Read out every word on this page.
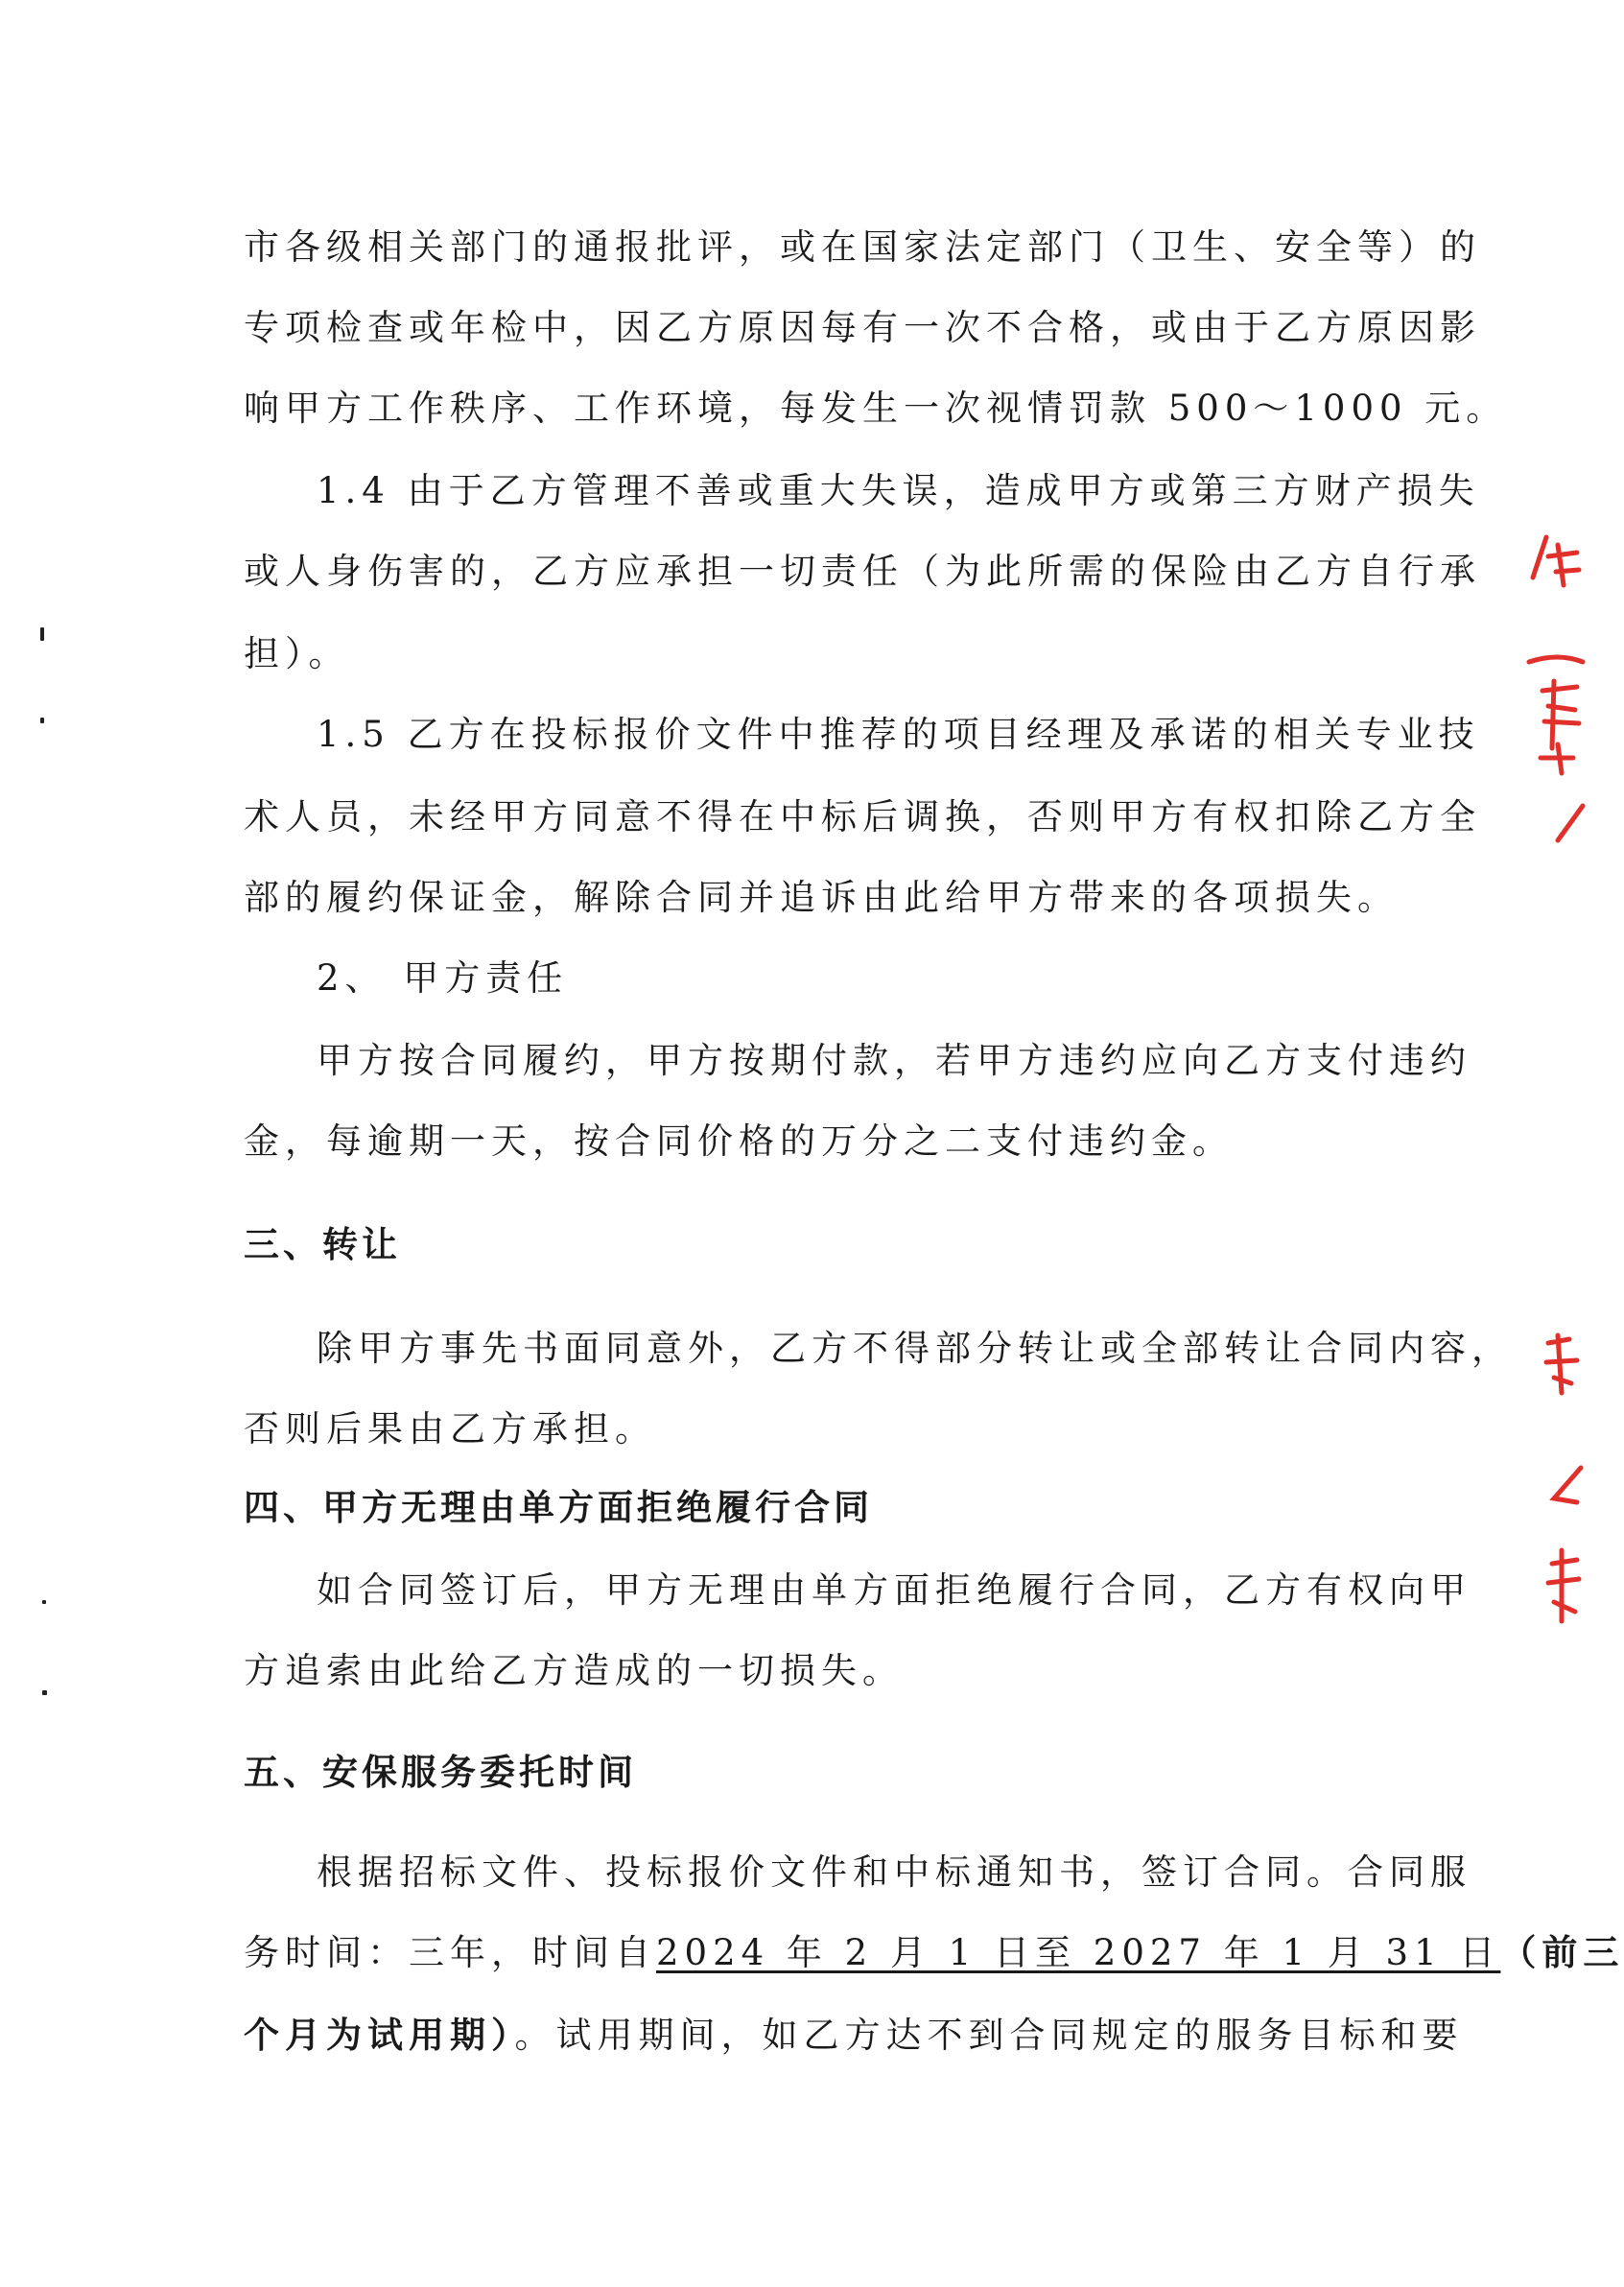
市各级相关部门的通报批评，或在国家法定部门（卫生、安全等）的
专项检查或年检中，因乙方原因每有一次不合格，或由于乙方原因影
响甲方工作秩序、工作环境，每发生一次视情罚款 500～1000 元。
1.4 由于乙方管理不善或重大失误，造成甲方或第三方财产损失
或人身伤害的，乙方应承担一切责任（为此所需的保险由乙方自行承
担）。
1.5 乙方在投标报价文件中推荐的项目经理及承诺的相关专业技
术人员，未经甲方同意不得在中标后调换，否则甲方有权扣除乙方全
部的履约保证金，解除合同并追诉由此给甲方带来的各项损失。
2、 甲方责任
甲方按合同履约，甲方按期付款，若甲方违约应向乙方支付违约
金，每逾期一天，按合同价格的万分之二支付违约金。
三、转让
除甲方事先书面同意外，乙方不得部分转让或全部转让合同内容，
否则后果由乙方承担。
四、甲方无理由单方面拒绝履行合同
如合同签订后，甲方无理由单方面拒绝履行合同，乙方有权向甲
方追索由此给乙方造成的一切损失。
五、安保服务委托时间
根据招标文件、投标报价文件和中标通知书，签订合同。合同服
务时间：三年，时间自2024 年 2 月 1 日至 2027 年 1 月 31 日（前三
个月为试用期）。试用期间，如乙方达不到合同规定的服务目标和要
